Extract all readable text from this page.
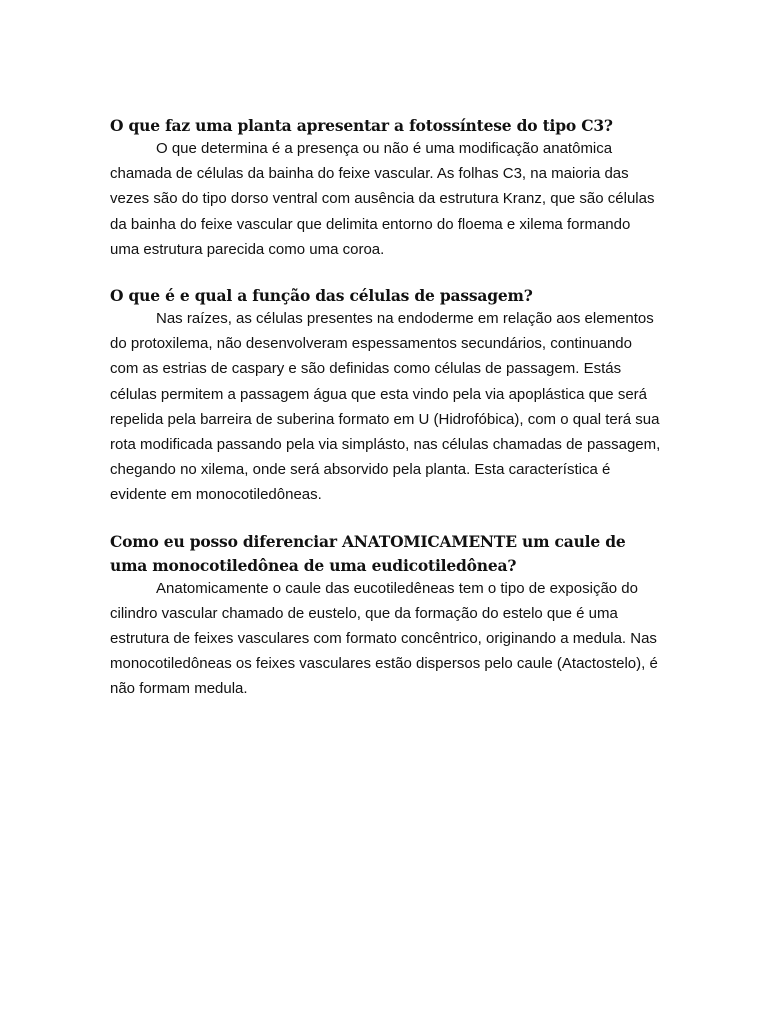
O que faz uma planta apresentar a fotossíntese do tipo C3?

O que determina é a presença ou não é uma modificação anatômica chamada de células da bainha do feixe vascular. As folhas C3, na maioria das vezes são do tipo dorso ventral com ausência da estrutura Kranz, que são células da bainha do feixe vascular que delimita entorno do floema e xilema formando uma estrutura parecida como uma coroa.

O que é e qual a função das células de passagem?

Nas raízes, as células presentes na endoderme em relação aos elementos do protoxilema, não desenvolveram espessamentos secundários, continuando com as estrias de caspary e são definidas como células de passagem. Estás células permitem a passagem água que esta vindo pela via apoplástica que será repelida pela barreira de suberina formato em U (Hidrofóbica), com o qual terá sua rota modificada passando pela via simplásto, nas células chamadas de passagem, chegando no xilema, onde será absorvido pela planta. Esta característica é evidente em monocotiledôneas.

Como eu posso diferenciar ANATOMICAMENTE um caule de uma monocotiledônea de uma eudicotiledônea?

Anatomicamente o caule das eucotiledêneas tem o tipo de exposição do cilindro vascular chamado de eustelo, que da formação do estelo que é uma estrutura de feixes vasculares com formato concêntrico, originando a medula. Nas monocotiledôneas os feixes vasculares estão dispersos pelo caule (Atactostelo), é não formam medula.
